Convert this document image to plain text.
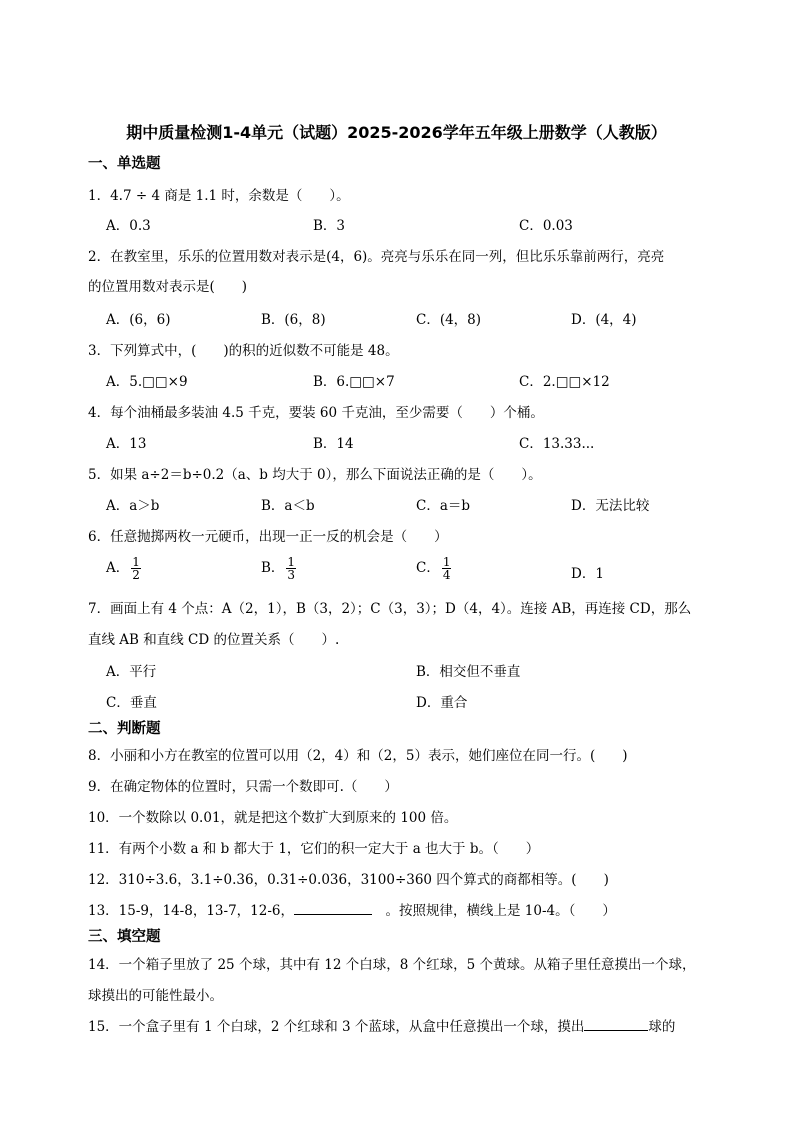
期中质量检测1-4单元（试题）2025-2026学年五年级上册数学（人教版）
一、单选题
1．4.7 ÷ 4 商是 1.1 时，余数是（　　）。
A．0.3	B．3	C．0.03
2．在教室里，乐乐的位置用数对表示是(4，6)。亮亮与乐乐在同一列，但比乐乐靠前两行，亮亮
的位置用数对表示是(　　)
A．(6，6)	B．(6，8)	C．(4，8)	D．(4，4)
3．下列算式中，(　　)的积的近似数不可能是 48。
A．5.□□×9	B．6.□□×7	C．2.□□×12
4．每个油桶最多装油 4.5 千克，要装 60 千克油，至少需要（　　）个桶。
A．13	B．14	C．13.33...
5．如果 a÷2＝b÷0.2（a、b 均大于 0），那么下面说法正确的是（　　）。
A．a＞b	B．a＜b	C．a＝b	D．无法比较
6．任意抛掷两枚一元硬币，出现一正一反的机会是（　　）
A． $\frac{1}{2}$	B． $\frac{1}{3}$	C． $\frac{1}{4}$	D．1
7．画面上有 4 个点：A（2，1），B（3，2）；C（3，3）；D（4，4）。连接 AB，再连接 CD，那么
直线 AB 和直线 CD 的位置关系（　　）.
A．平行	B．相交但不垂直
C．垂直	D．重合
二、判断题
8．小丽和小方在教室的位置可以用（2，4）和（2，5）表示，她们座位在同一行。(　　)
9．在确定物体的位置时，只需一个数即可.（　　）
10．一个数除以 0.01，就是把这个数扩大到原来的 100 倍。
11．有两个小数 a 和 b 都大于 1，它们的积一定大于 a 也大于 b。（　　）
12．310÷3.6，3.1÷0.36，0.31÷0.036，3100÷360 四个算式的商都相等。(　　)
13．15-9，14-8，13-7，12-6，	　。按照规律，横线上是 10-4。（　　）
三、填空题
14．一个箱子里放了 25 个球，其中有 12 个白球，8 个红球，5 个黄球。从箱子里任意摸出一个球，
球摸出的可能性最小。
15．一个盒子里有 1 个白球，2 个红球和 3 个蓝球，从盒中任意摸出一个球，摸出	球的
